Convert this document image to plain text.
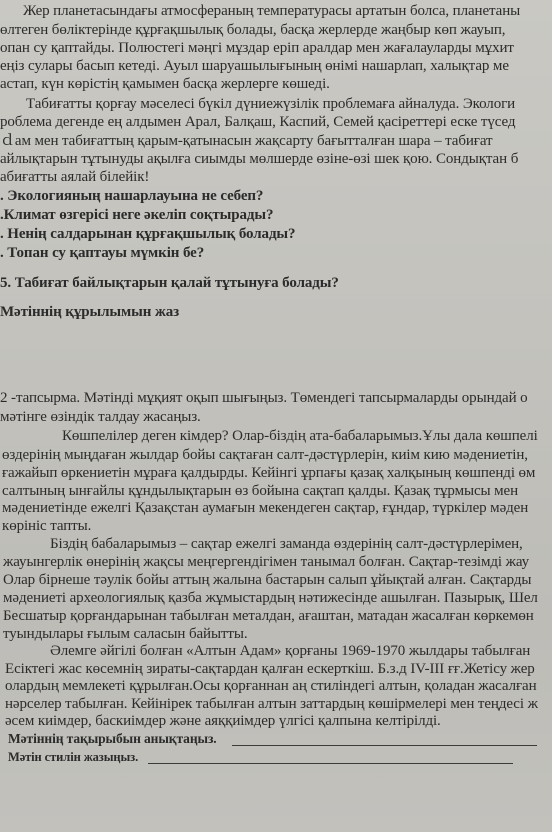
Жер планетасындағы атмосфераның температурасы артатын болса, планетаны
өлтеген бөліктерінде құрғақшылық болады, басқа жерлерде жаңбыр көп жауып,
опан су қаптайды. Полюстегі мәңгі мұздар еріп аралдар мен жағалауларды мұхит
еңіз сулары басып кетеді. Ауыл шаруашылығының өнімі нашарлап, халықтар ме
астап, күн көрістің қамымен басқа жерлерге көшеді.
Табиғатты қорғау мәселесі бүкіл дүниежүзілік проблемаға айналуда. Экологи
роблема дегенде ең алдымен Арал, Балқаш, Каспий, Семей қасіреттері еске түсед
ｄам мен табиғаттың қарым-қатынасын жақсарту бағытталған шара – табиғат
айлықтарын тұтынуды ақылға сиымды мөлшерде өзіне-өзі шек қою. Сондықтан б
абиғатты аялай білейік!
. Экологияның нашарлауына не себеп?
.Климат өзгерісі неге әкеліп соқтырады?
. Ненің салдарынан құрғақшылық болады?
. Топан су қаптауы мүмкін бе?
5. Табиғат байлықтарын қалай тұтынуға болады?
Мәтіннің құрылымын жаз
2 -тапсырма. Мәтінді мұқият оқып шығыңыз. Төмендегі тапсырмаларды орындай о
мәтінге өзіндік талдау жасаңыз.
Көшпелілер деген кімдер? Олар-біздің ата-бабаларымыз.Ұлы дала көшпелі
өздерінің мыңдаған жылдар бойы сақтаған салт-дәстүрлерін, киім кию мәдениетін,
ғажайып өркениетін мұраға қалдырды. Кейінгі ұрпағы қазақ халқының көшпенді өм
салтының ынғайлы құндылықтарын өз бойына сақтап қалды. Қазақ тұрмысы мен
мәдениетінде ежелгі Қазақстан аумағын мекендеген сақтар, ғұндар, түркілер мәден
көрініс тапты.
Біздің бабаларымыз – сақтар ежелгі заманда өздерінің салт-дәстүрлерімен,
жауынгерлік өнерінің жақсы меңгергендігімен танымал болған. Сақтар-тезімді жау
Олар бірнеше тәулік бойы аттың жалына бастарын салып ұйықтай алған. Сақтарды
мәдениеті археологиялық қазба жұмыстардың нәтижесінде ашылған. Пазырық, Шел
Бесшатыр қорғандарынан табылған металдан, ағаштан, матадан жасалған көркемөн
туындылары ғылым саласын байытты.
Әлемге әйгілі болған «Алтын Адам» қорғаны 1969-1970 жылдары табылған
Есіктегі жас көсемнің зираты-сақтардан қалған ескерткіш. Б.з.д IV-III ғғ.Жетісу жер
олардың мемлекеті құрылған.Осы қорғаннан аң стиліндегі алтын, қоладан жасалған
нәрселер табылған. Кейінірек табылған алтын заттардың көшірмелері мен теңдесі ж
әсем киімдер, баскиімдер және аяққиімдер үлгісі қалпына келтірілді.
Мәтіннің тақырыбын анықтаңыз.
Мәтін стилін жазыңыз.
